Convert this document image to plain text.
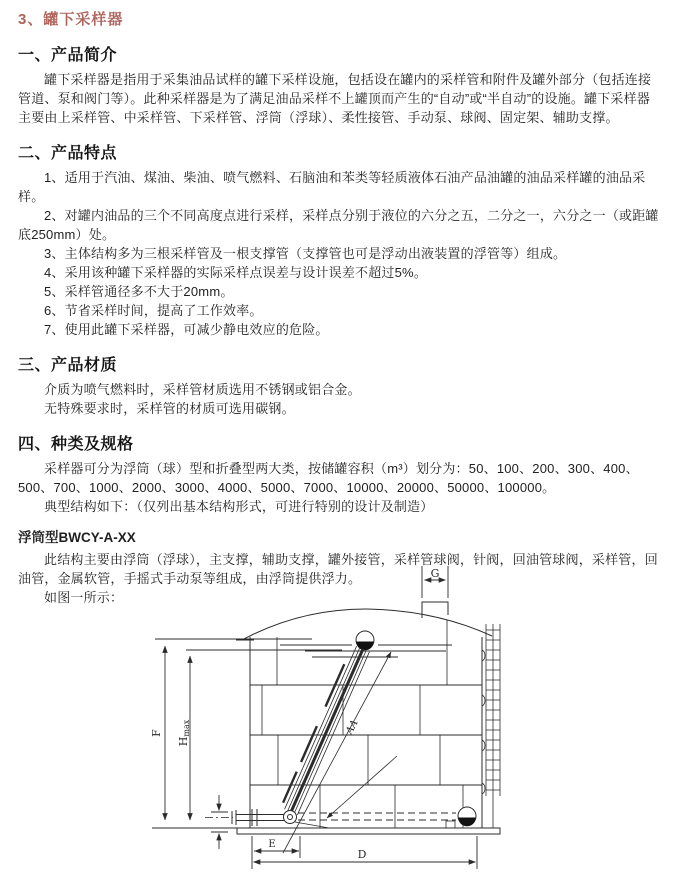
3、罐下采样器
一、产品简介

罐下采样器是指用于采集油品试样的罐下采样设施，包括设在罐内的采样管和附件及罐外部分（包括连接管道、泵和阀门等）。此种采样器是为了满足油品采样不上罐顶而产生的“自动”或“半自动”的设施。罐下采样器主要由上采样管、中采样管、下采样管、浮筒（浮球）、柔性接管、手动泵、球阀、固定架、辅助支撑。

二、产品特点

1、适用于汽油、煤油、柴油、喷气燃料、石脑油和苯类等轻质液体石油产品油罐的油品采样罐的油品采样。

2、对罐内油品的三个不同高度点进行采样，采样点分别于液位的六分之五，二分之一，六分之一（或距罐底250mm）处。

3、主体结构多为三根采样管及一根支撑管（支撑管也可是浮动出液装置的浮管等）组成。

4、采用该种罐下采样器的实际采样点误差与设计误差不超过5%。

5、采样管通径多不大于20mm。

6、节省采样时间，提高了工作效率。

7、使用此罐下采样器，可减少静电效应的危险。

三、产品材质

介质为喷气燃料时，采样管材质选用不锈钢或铝合金。

无特殊要求时，采样管的材质可选用碳钢。

四、种类及规格

采样器可分为浮筒（球）型和折叠型两大类，按储罐容积（m³）划分为：50、100、200、300、400、500、700、1000、2000、3000、4000、5000、7000、10000、20000、50000、100000。

典型结构如下：（仅列出基本结构形式，可进行特别的设计及制造）

浮筒型BWCY-A-XX

此结构主要由浮筒（浮球），主支撑，辅助支撑，罐外接管，采样管球阀，针阀，回油管球阀，采样管，回油管，金属软管，手摇式手动泵等组成，由浮筒提供浮力。

如图一所示：

G
F
Hmax	AA
E
D
